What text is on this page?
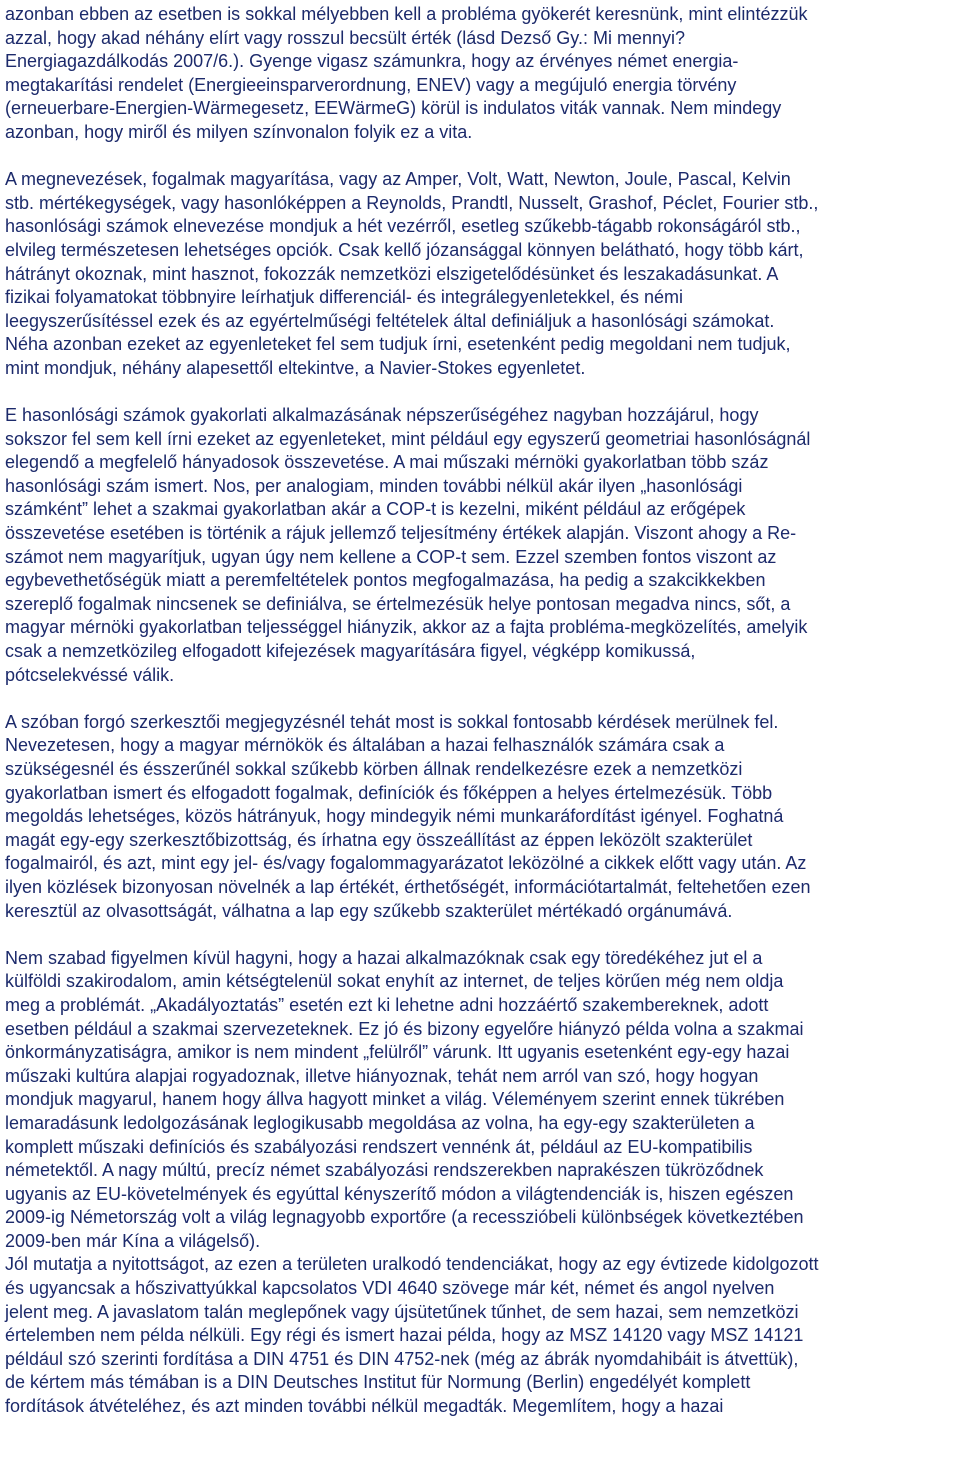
azonban ebben az esetben is sokkal mélyebben kell a probléma gyökerét keresnünk, mint elintézzük
azzal, hogy akad néhány elírt vagy rosszul becsült érték (lásd Dezső Gy.: Mi mennyi?
Energiagazdálkodás 2007/6.). Gyenge vigasz számunkra, hogy az érvényes német energia-
megtakarítási rendelet (Energieeinsparverordnung, ENEV) vagy a megújuló energia törvény
(erneuerbare-Energien-Wärmegesetz, EEWärmeG) körül is indulatos viták vannak. Nem mindegy
azonban, hogy miről és milyen színvonalon folyik ez a vita.
A megnevezések, fogalmak magyarítása, vagy az Amper, Volt, Watt, Newton, Joule, Pascal, Kelvin
stb. mértékegységek, vagy hasonlóképpen a Reynolds, Prandtl, Nusselt, Grashof, Péclet, Fourier stb.,
hasonlósági számok elnevezése mondjuk a hét vezérről, esetleg szűkebb-tágabb rokonságáról stb.,
elvileg természetesen lehetséges opciók. Csak kellő józansággal könnyen belátható, hogy több kárt,
hátrányt okoznak, mint hasznot, fokozzák nemzetközi elszigetelődésünket és leszakadásunkat. A
fizikai folyamatokat többnyire leírhatjuk differenciál- és integrálegyenletekkel, és némi
leegyszerűsítéssel ezek és az egyértelműségi feltételek által definiáljuk a hasonlósági számokat.
Néha azonban ezeket az egyenleteket fel sem tudjuk írni, esetenként pedig megoldani nem tudjuk,
mint mondjuk, néhány alapesettől eltekintve, a Navier-Stokes egyenletet.
E hasonlósági számok gyakorlati alkalmazásának népszerűségéhez nagyban hozzájárul, hogy
sokszor fel sem kell írni ezeket az egyenleteket, mint például egy egyszerű geometriai hasonlóságnál
elegendő a megfelelő hányadosok összevetése. A mai műszaki mérnöki gyakorlatban több száz
hasonlósági szám ismert. Nos, per analogiam, minden további nélkül akár ilyen „hasonlósági
számként” lehet a szakmai gyakorlatban akár a COP-t is kezelni, miként például az erőgépek
összevetése esetében is történik a rájuk jellemző teljesítmény értékek alapján. Viszont ahogy a Re-
számot nem magyarítjuk, ugyan úgy nem kellene a COP-t sem. Ezzel szemben fontos viszont az
egybevethetőségük miatt a peremfeltételek pontos megfogalmazása, ha pedig a szakcikkekben
szereplő fogalmak nincsenek se definiálva, se értelmezésük helye pontosan megadva nincs, sőt, a
magyar mérnöki gyakorlatban teljességgel hiányzik, akkor az a fajta probléma-megközelítés, amelyik
csak a nemzetközileg elfogadott kifejezések magyarítására figyel, végképp komikussá,
pótcselekvéssé válik.
A szóban forgó szerkesztői megjegyzésnél tehát most is sokkal fontosabb kérdések merülnek fel.
Nevezetesen, hogy a magyar mérnökök és általában a hazai felhasználók számára csak a
szükségesnél és ésszerűnél sokkal szűkebb körben állnak rendelkezésre ezek a nemzetközi
gyakorlatban ismert és elfogadott fogalmak, definíciók és főképpen a helyes értelmezésük. Több
megoldás lehetséges, közös hátrányuk, hogy mindegyik némi munkaráfordítást igényel. Foghatná
magát egy-egy szerkesztőbizottság, és írhatna egy összeállítást az éppen leközölt szakterület
fogalmairól, és azt, mint egy jel- és/vagy fogalommagyarázatot leközölné a cikkek előtt vagy után. Az
ilyen közlések bizonyosan növelnék a lap értékét, érthetőségét, információtartalmát, feltehetően ezen
keresztül az olvasottságát, válhatna a lap egy szűkebb szakterület mértékadó orgánumává.
Nem szabad figyelmen kívül hagyni, hogy a hazai alkalmazóknak csak egy töredékéhez jut el a
külföldi szakirodalom, amin kétségtelenül sokat enyhít az internet, de teljes körűen még nem oldja
meg a problémát. „Akadályoztatás” esetén ezt ki lehetne adni hozzáértő szakembereknek, adott
esetben például a szakmai szervezeteknek. Ez jó és bizony egyelőre hiányzó példa volna a szakmai
önkormányzatiságra, amikor is nem mindent „felülről” várunk. Itt ugyanis esetenként egy-egy hazai
műszaki kultúra alapjai rogyadoznak, illetve hiányoznak, tehát nem arról van szó, hogy hogyan
mondjuk magyarul, hanem hogy állva hagyott minket a világ. Véleményem szerint ennek tükrében
lemaradásunk ledolgozásának leglogikusabb megoldása az volna, ha egy-egy szakterületen a
komplett műszaki definíciós és szabályozási rendszert vennénk át, például az EU-kompatibilis
németektől. A nagy múltú, precíz német szabályozási rendszerekben naprakészen tükröződnek
ugyanis az EU-követelmények és egyúttal kényszerítő módon a világtendenciák is, hiszen egészen
2009-ig Németország volt a világ legnagyobb exportőre (a recesszióbeli különbségek következtében
2009-ben már Kína a világelső).
Jól mutatja a nyitottságot, az ezen a területen uralkodó tendenciákat, hogy az egy évtizede kidolgozott
és ugyancsak a hőszivattyúkkal kapcsolatos VDI 4640 szövege már két, német és angol nyelven
jelent meg. A javaslatom talán meglepőnek vagy újsütetűnek tűnhet, de sem hazai, sem nemzetközi
értelemben nem példa nélküli. Egy régi és ismert hazai példa, hogy az MSZ 14120 vagy MSZ 14121
például szó szerinti fordítása a DIN 4751 és DIN 4752-nek (még az ábrák nyomdahibáit is átvettük),
de kértem más témában is a DIN Deutsches Institut für Normung (Berlin) engedélyét komplett
fordítások átvételéhez, és azt minden további nélkül megadták. Megemlítem, hogy a hazai
